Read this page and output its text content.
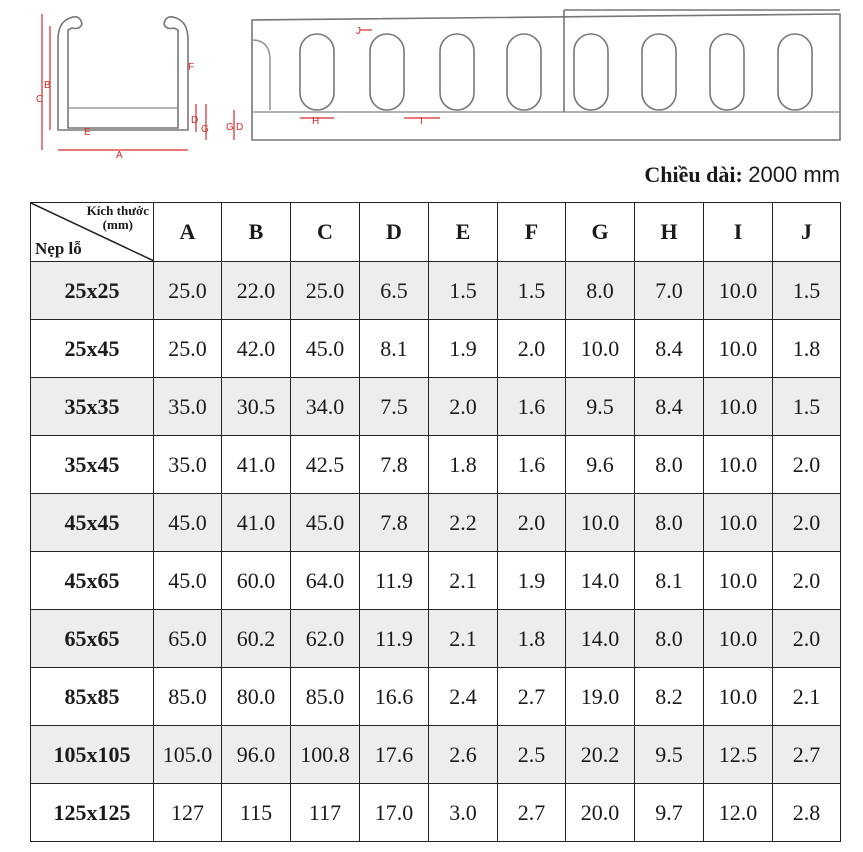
C
B
A
E
F
D
G	D
G
H	I
J
Chiều dài: 2000 mm
Kích thước
(mm)
Nẹp lỗ	A	B	C	D	E	F	G	H	I	J
25x25	25.0	22.0	25.0	6.5	1.5	1.5	8.0	7.0	10.0	1.5
25x45	25.0	42.0	45.0	8.1	1.9	2.0	10.0	8.4	10.0	1.8
35x35	35.0	30.5	34.0	7.5	2.0	1.6	9.5	8.4	10.0	1.5
35x45	35.0	41.0	42.5	7.8	1.8	1.6	9.6	8.0	10.0	2.0
45x45	45.0	41.0	45.0	7.8	2.2	2.0	10.0	8.0	10.0	2.0
45x65	45.0	60.0	64.0	11.9	2.1	1.9	14.0	8.1	10.0	2.0
65x65	65.0	60.2	62.0	11.9	2.1	1.8	14.0	8.0	10.0	2.0
85x85	85.0	80.0	85.0	16.6	2.4	2.7	19.0	8.2	10.0	2.1
105x105	105.0	96.0	100.8	17.6	2.6	2.5	20.2	9.5	12.5	2.7
125x125	127	115	117	17.0	3.0	2.7	20.0	9.7	12.0	2.8
